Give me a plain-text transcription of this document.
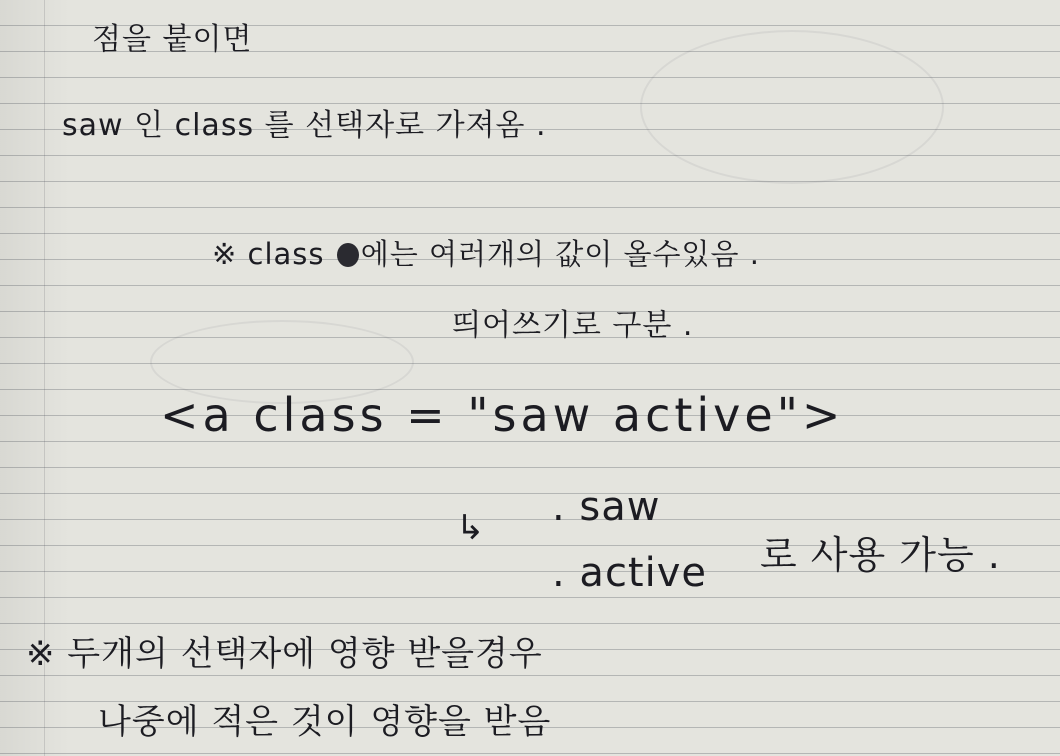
점을 붙이면

saw 인 class 를 선택자로 가져옴 .

※ class 에는 여러개의 값이 올수있음 .

띄어쓰기로 구분 .

<a class = "saw active">

↳ . saw

. active 로 사용 가능 .

※ 두개의 선택자에 영향 받을경우

나중에 적은 것이 영향을 받음
